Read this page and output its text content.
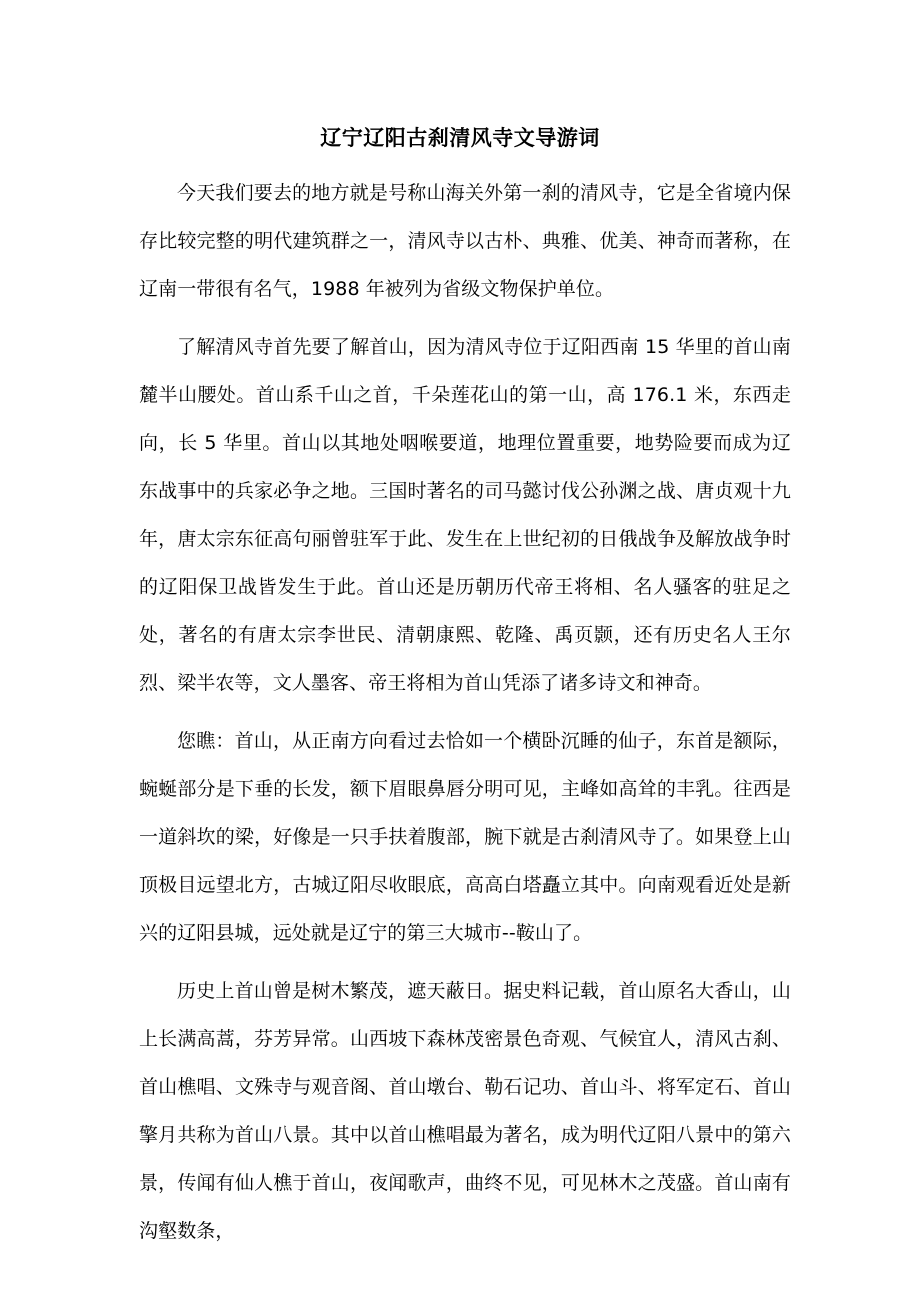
辽宁辽阳古刹清风寺文导游词

今天我们要去的地方就是号称山海关外第一刹的清风寺，它是全省境内保存比较完整的明代建筑群之一，清风寺以古朴、典雅、优美、神奇而著称，在辽南一带很有名气，1988 年被列为省级文物保护单位。

了解清风寺首先要了解首山，因为清风寺位于辽阳西南 15 华里的首山南麓半山腰处。首山系千山之首，千朵莲花山的第一山，高 176.1 米，东西走向，长 5 华里。首山以其地处咽喉要道，地理位置重要，地势险要而成为辽东战事中的兵家必争之地。三国时著名的司马懿讨伐公孙渊之战、唐贞观十九年，唐太宗东征高句丽曾驻军于此、发生在上世纪初的日俄战争及解放战争时的辽阳保卫战皆发生于此。首山还是历朝历代帝王将相、名人骚客的驻足之处，著名的有唐太宗李世民、清朝康熙、乾隆、禹页颢，还有历史名人王尔烈、梁半农等，文人墨客、帝王将相为首山凭添了诸多诗文和神奇。

您瞧：首山，从正南方向看过去恰如一个横卧沉睡的仙子，东首是额际，蜿蜒部分是下垂的长发，额下眉眼鼻唇分明可见，主峰如高耸的丰乳。往西是一道斜坎的梁，好像是一只手扶着腹部，腕下就是古刹清风寺了。如果登上山顶极目远望北方，古城辽阳尽收眼底，高高白塔矗立其中。向南观看近处是新兴的辽阳县城，远处就是辽宁的第三大城市--鞍山了。

历史上首山曾是树木繁茂，遮天蔽日。据史料记载，首山原名大香山，山上长满高蒿，芬芳异常。山西坡下森林茂密景色奇观、气候宜人，清风古刹、首山樵唱、文殊寺与观音阁、首山墩台、勒石记功、首山斗、将军定石、首山擎月共称为首山八景。其中以首山樵唱最为著名，成为明代辽阳八景中的第六景，传闻有仙人樵于首山，夜闻歌声，曲终不见，可见林木之茂盛。首山南有沟壑数条，
